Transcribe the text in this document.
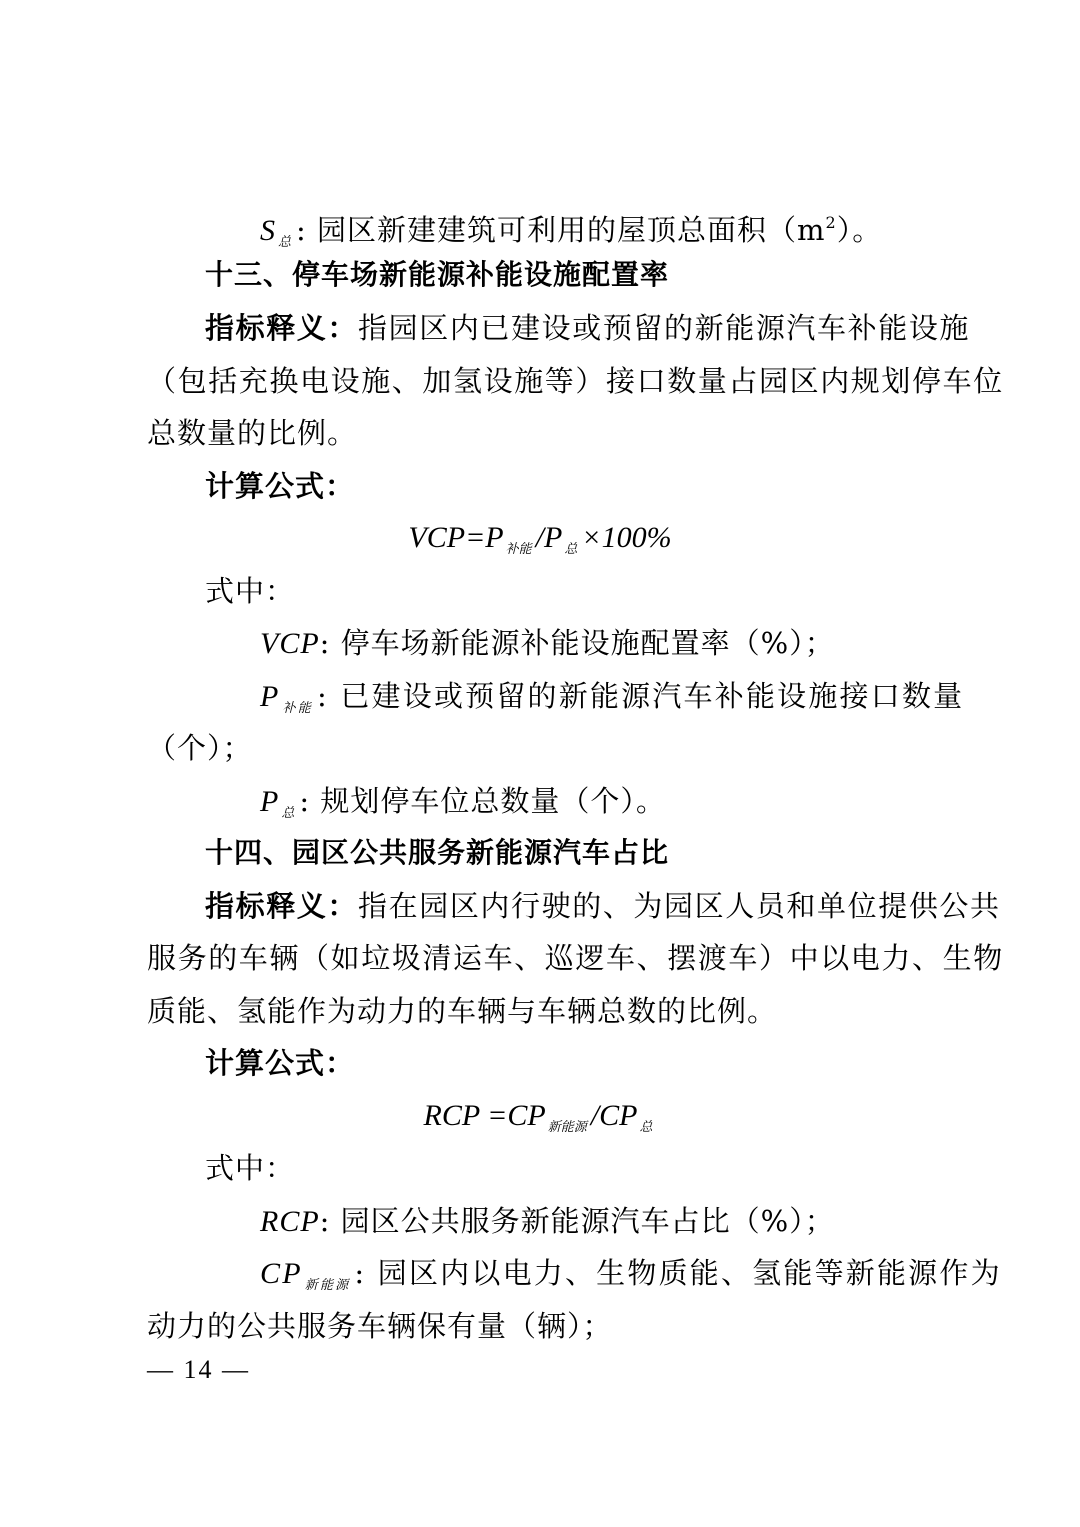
S $_总$ : 园区新建建筑可利用的屋顶总面积$(m^2)$。
十三、停车场新能源补能设施配置率
指标释义：指园区内已建设或预留的新能源汽车补能设施
（包括充换电设施、加氢设施等）接口数量占园区内规划停车位
总数量的比例。
计算公式：
VCP=P $_{补能}$ /P $_总$ ×100%
式中：
VCP: 停车场新能源补能设施配置率（%）；
P $_{补能}$ : 已建设或预留的新能源汽车补能设施接口数量
（个）；
P $_总$ : 规划停车位总数量（个）。
十四、园区公共服务新能源汽车占比
指标释义：指在园区内行驶的、为园区人员和单位提供公共
服务的车辆（如垃圾清运车、巡逻车、摆渡车）中以电力、生物
质能、氢能作为动力的车辆与车辆总数的比例。
计算公式：
RCP =CP $_{新能源}$ /CP $_总$
式中：
RCP: 园区公共服务新能源汽车占比（%）；
CP $_{新能源}$ : 园区内以电力、生物质能、氢能等新能源作为
动力的公共服务车辆保有量（辆）；
— 14 —
